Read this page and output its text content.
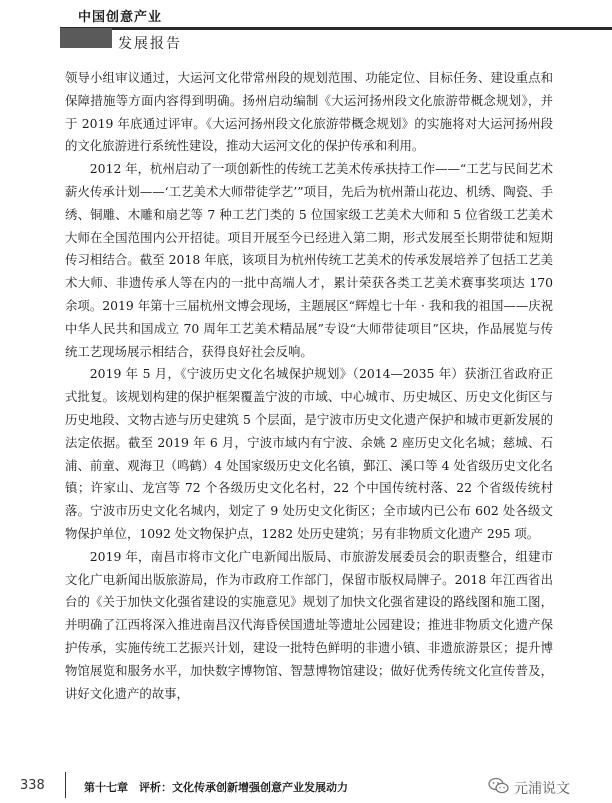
中国创意产业
发展报告

领导小组审议通过，大运河文化带常州段的规划范围、功能定位、目标任务、建设重点和保障措施等方面内容得到明确。扬州启动编制《大运河扬州段文化旅游带概念规划》，并于 2019 年底通过评审。《大运河扬州段文化旅游带概念规划》的实施将对大运河扬州段的文化旅游进行系统性建设，推动大运河文化的保护传承和利用。

2012 年，杭州启动了一项创新性的传统工艺美术传承扶持工作——“工艺与民间艺术薪火传承计划——‘工艺美术大师带徒学艺’”项目，先后为杭州萧山花边、机绣、陶瓷、手绣、铜雕、木雕和扇艺等 7 种工艺门类的 5 位国家级工艺美术大师和 5 位省级工艺美术大师在全国范围内公开招徒。项目开展至今已经进入第二期，形式发展至长期带徒和短期传习相结合。截至 2018 年底，该项目为杭州传统工艺美术的传承发展培养了包括工艺美术大师、非遗传承人等在内的一批中高端人才，累计荣获各类工艺美术赛事奖项达 170 余项。2019 年第十三届杭州文博会现场，主题展区“辉煌七十年 · 我和我的祖国——庆祝中华人民共和国成立 70 周年工艺美术精品展”专设“大师带徒项目”区块，作品展览与传统工艺现场展示相结合，获得良好社会反响。

2019 年 5 月，《宁波历史文化名城保护规划》（2014—2035 年）获浙江省政府正式批复。该规划构建的保护框架覆盖宁波的市域、中心城市、历史城区、历史文化街区与历史地段、文物古迹与历史建筑 5 个层面，是宁波市历史文化遗产保护和城市更新发展的法定依据。截至 2019 年 6 月，宁波市域内有宁波、余姚 2 座历史文化名城；慈城、石浦、前童、观海卫（鸣鹤）4 处国家级历史文化名镇，鄞江、溪口等 4 处省级历史文化名镇；许家山、龙宫等 72 个各级历史文化名村，22 个中国传统村落、22 个省级传统村落。宁波市历史文化名城内，划定了 9 处历史文化街区；全市域内已公布 602 处各级文物保护单位，1092 处文物保护点，1282 处历史建筑；另有非物质文化遗产 295 项。

2019 年，南昌市将市文化广电新闻出版局、市旅游发展委员会的职责整合，组建市文化广电新闻出版旅游局，作为市政府工作部门，保留市版权局牌子。2018 年江西省出台的《关于加快文化强省建设的实施意见》规划了加快文化强省建设的路线图和施工图，并明确了江西将深入推进南昌汉代海昏侯国遗址等遗址公园建设；推进非物质文化遗产保护传承，实施传统工艺振兴计划，建设一批特色鲜明的非遗小镇、非遗旅游景区；提升博物馆展览和服务水平，加快数字博物馆、智慧博物馆建设；做好优秀传统文化宣传普及，讲好文化遗产的故事，

338	第十七章　评析：文化传承创新增强创意产业发展动力	元浦说文
